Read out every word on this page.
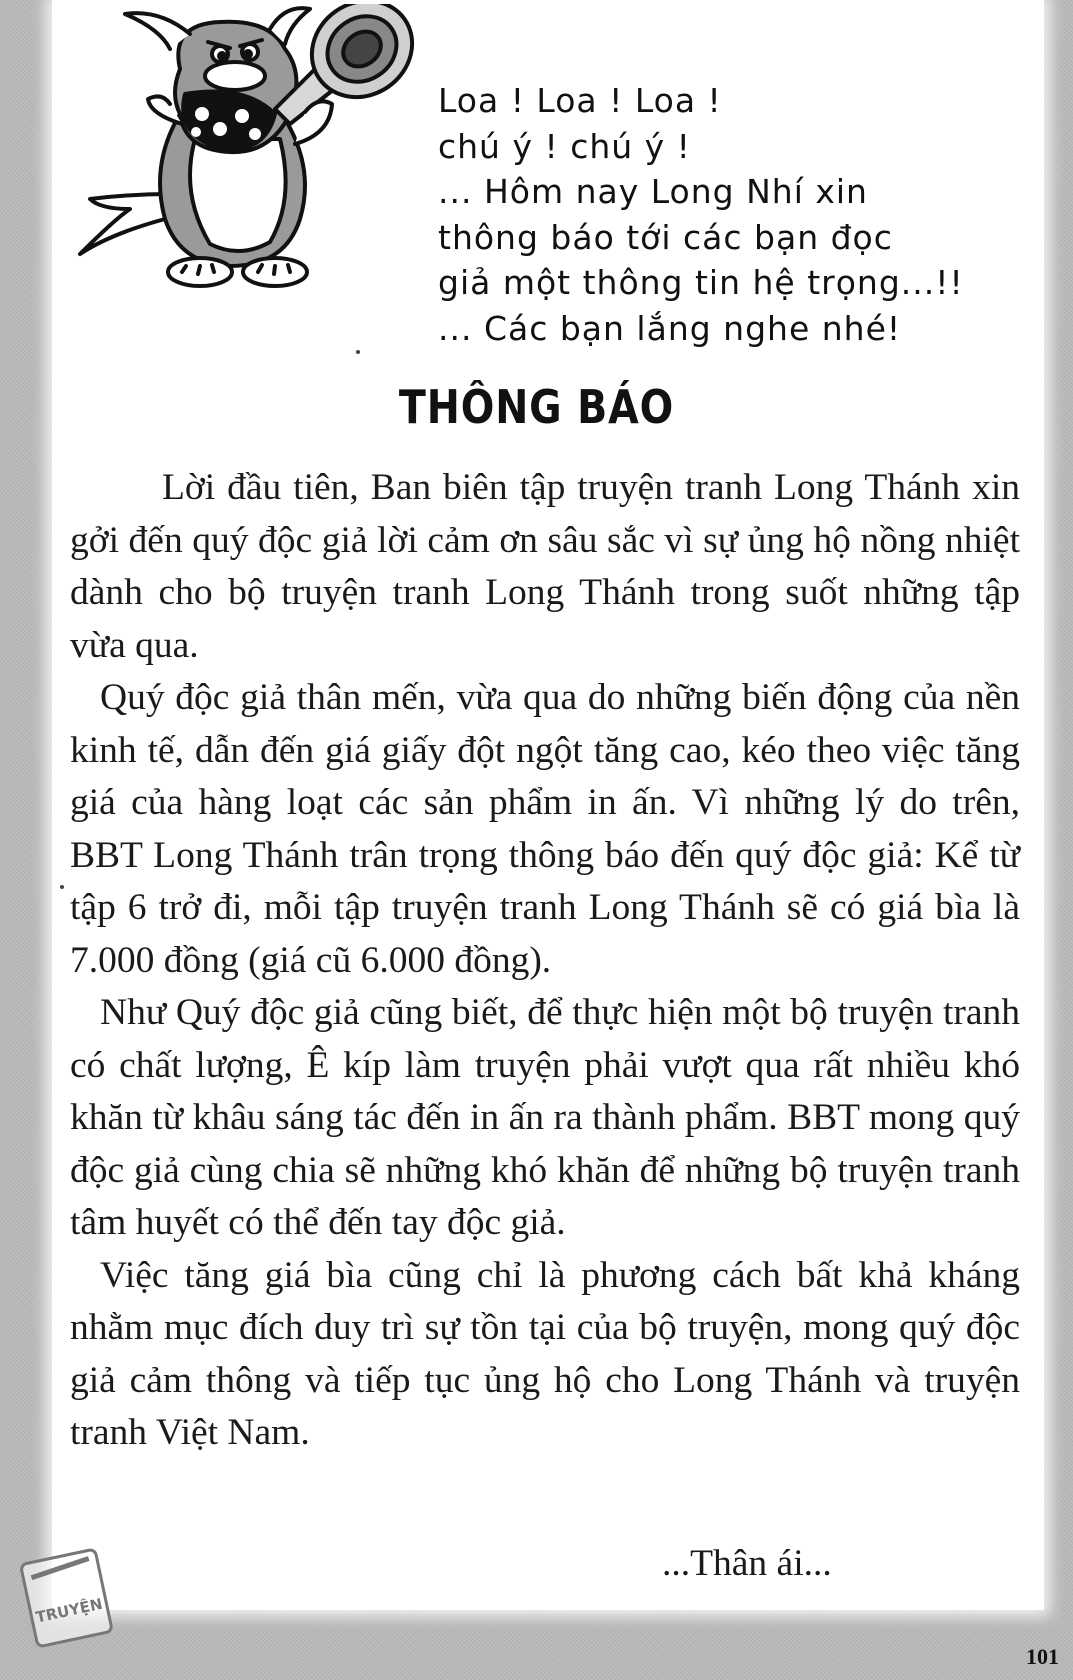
Loa ! Loa ! Loa !
chú ý ! chú ý !
... Hôm nay Long Nhí xin
thông báo tới các bạn đọc
giả một thông tin hệ trọng...!!
... Các bạn lắng nghe nhé!
THÔNG BÁO

Lời đầu tiên, Ban biên tập truyện tranh Long Thánh xin gởi đến quý độc giả lời cảm ơn sâu sắc vì sự ủng hộ nồng nhiệt dành cho bộ truyện tranh Long Thánh trong suốt những tập vừa qua.

Quý độc giả thân mến, vừa qua do những biến động của nền kinh tế, dẫn đến giá giấy đột ngột tăng cao, kéo theo việc tăng giá của hàng loạt các sản phẩm in ấn. Vì những lý do trên, BBT Long Thánh trân trọng thông báo đến quý độc giả: Kể từ tập 6 trở đi, mỗi tập truyện tranh Long Thánh sẽ có giá bìa là 7.000 đồng (giá cũ 6.000 đồng).

Như Quý độc giả cũng biết, để thực hiện một bộ truyện tranh có chất lượng, Ê kíp làm truyện phải vượt qua rất nhiều khó khăn từ khâu sáng tác đến in ấn ra thành phẩm. BBT mong quý độc giả cùng chia sẽ những khó khăn để những bộ truyện tranh tâm huyết có thể đến tay độc giả.

Việc tăng giá bìa cũng chỉ là phương cách bất khả kháng nhằm mục đích duy trì sự tồn tại của bộ truyện, mong quý độc giả cảm thông và tiếp tục ủng hộ cho Long Thánh và truyện tranh Việt Nam.

...Thân ái...

TRUYỆN

101
